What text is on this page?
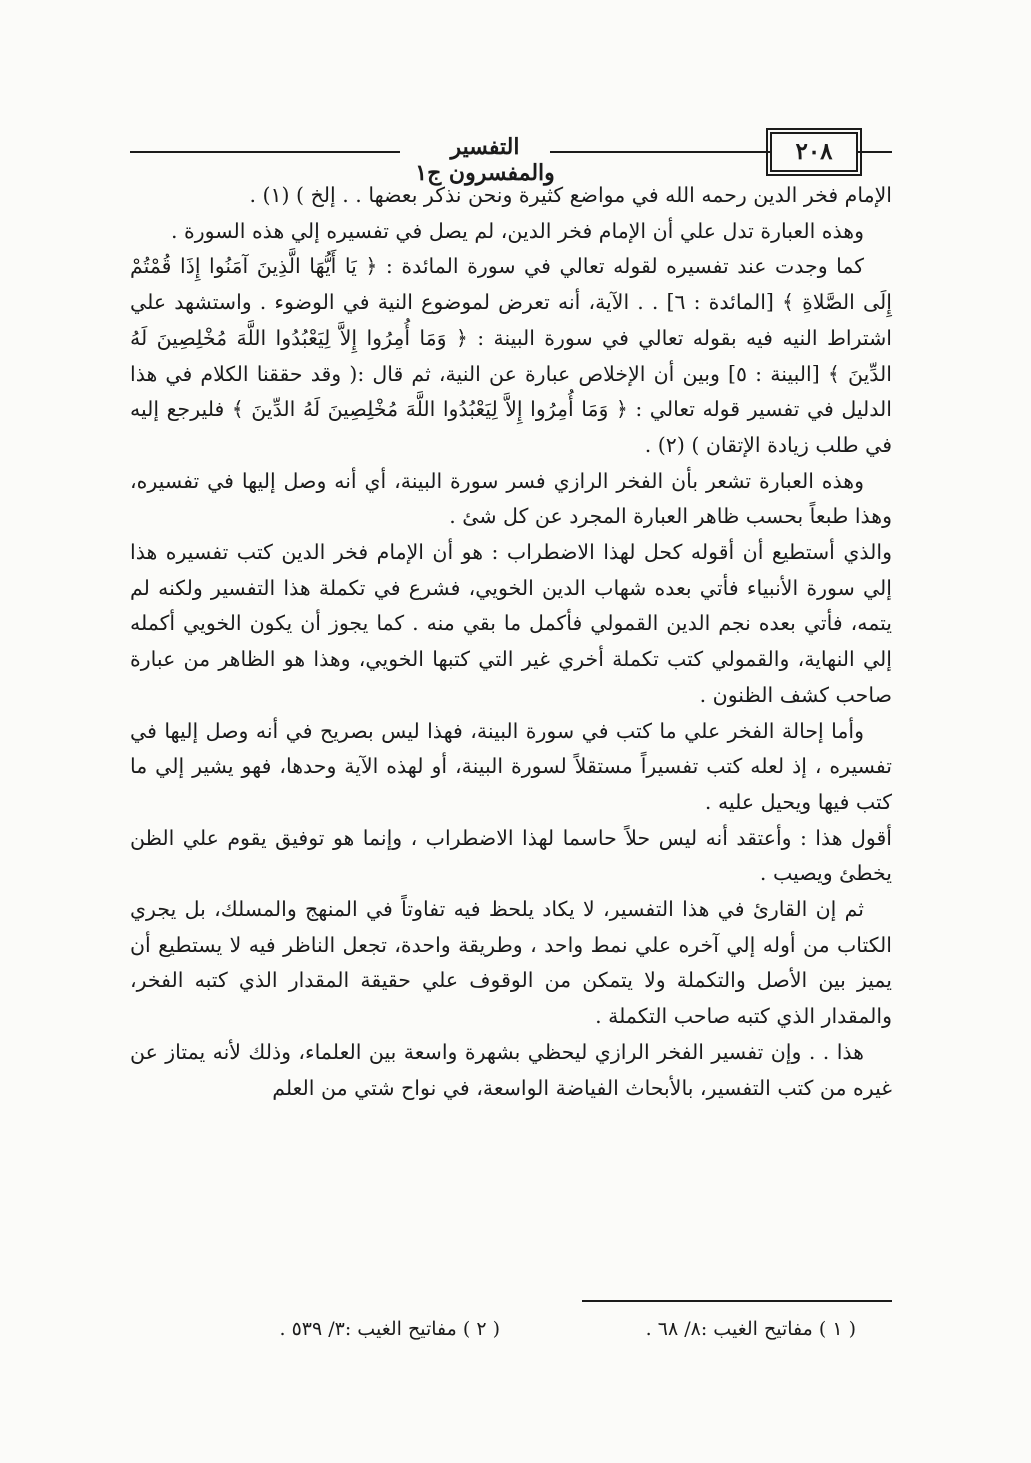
التفسير والمفسرون ج١
٢٠٨

الإمام فخر الدين رحمه الله في مواضع كثيرة ونحن نذكر بعضها . . إلخ ) (١) .

وهذه العبارة تدل علي أن الإمام فخر الدين، لم يصل في تفسيره إلي هذه السورة .

كما وجدت عند تفسيره لقوله تعالي في سورة المائدة : ﴿ يَا أَيُّهَا الَّذِينَ آمَنُوا إِذَا قُمْتُمْ إِلَى الصَّلاةِ ﴾ [المائدة : ٦] . . الآية، أنه تعرض لموضوع النية في الوضوء . واستشهد علي اشتراط النيه فيه بقوله تعالي في سورة البينة : ﴿ وَمَا أُمِرُوا إِلاَّ لِيَعْبُدُوا اللَّهَ مُخْلِصِينَ لَهُ الدِّينَ ﴾ [البينة : ٥] وبين أن الإخلاص عبارة عن النية، ثم قال :( وقد حققنا الكلام في هذا الدليل في تفسير قوله تعالي : ﴿ وَمَا أُمِرُوا إِلاَّ لِيَعْبُدُوا اللَّهَ مُخْلِصِينَ لَهُ الدِّينَ ﴾ فليرجع إليه في طلب زيادة الإتقان ) (٢) .

وهذه العبارة تشعر بأن الفخر الرازي فسر سورة البينة، أي أنه وصل إليها في تفسيره، وهذا طبعاً بحسب ظاهر العبارة المجرد عن كل شئ .

والذي أستطيع أن أقوله كحل لهذا الاضطراب : هو أن الإمام فخر الدين كتب تفسيره هذا إلي سورة الأنبياء فأتي بعده شهاب الدين الخويي، فشرع في تكملة هذا التفسير ولكنه لم يتمه، فأتي بعده نجم الدين القمولي فأكمل ما بقي منه . كما يجوز أن يكون الخويي أكمله إلي النهاية، والقمولي كتب تكملة أخري غير التي كتبها الخويي، وهذا هو الظاهر من عبارة صاحب كشف الظنون .

وأما إحالة الفخر علي ما كتب في سورة البينة، فهذا ليس بصريح في أنه وصل إليها في تفسيره ، إذ لعله كتب تفسيراً مستقلاً لسورة البينة، أو لهذه الآية وحدها، فهو يشير إلي ما كتب فيها ويحيل عليه .

أقول هذا : وأعتقد أنه ليس حلاً حاسما لهذا الاضطراب ، وإنما هو توفيق يقوم علي الظن يخطئ ويصيب .

ثم إن القارئ في هذا التفسير، لا يكاد يلحظ فيه تفاوتاً في المنهج والمسلك، بل يجري الكتاب من أوله إلي آخره علي نمط واحد ، وطريقة واحدة، تجعل الناظر فيه لا يستطيع أن يميز بين الأصل والتكملة ولا يتمكن من الوقوف علي حقيقة المقدار الذي كتبه الفخر، والمقدار الذي كتبه صاحب التكملة .

هذا . . وإن تفسير الفخر الرازي ليحظي بشهرة واسعة بين العلماء، وذلك لأنه يمتاز عن غيره من كتب التفسير، بالأبحاث الفياضة الواسعة، في نواح شتي من العلم

( ١ ) مفاتيح الغيب :٨/ ٦٨ .
( ٢ ) مفاتيح الغيب :٣/ ٥٣٩ .
